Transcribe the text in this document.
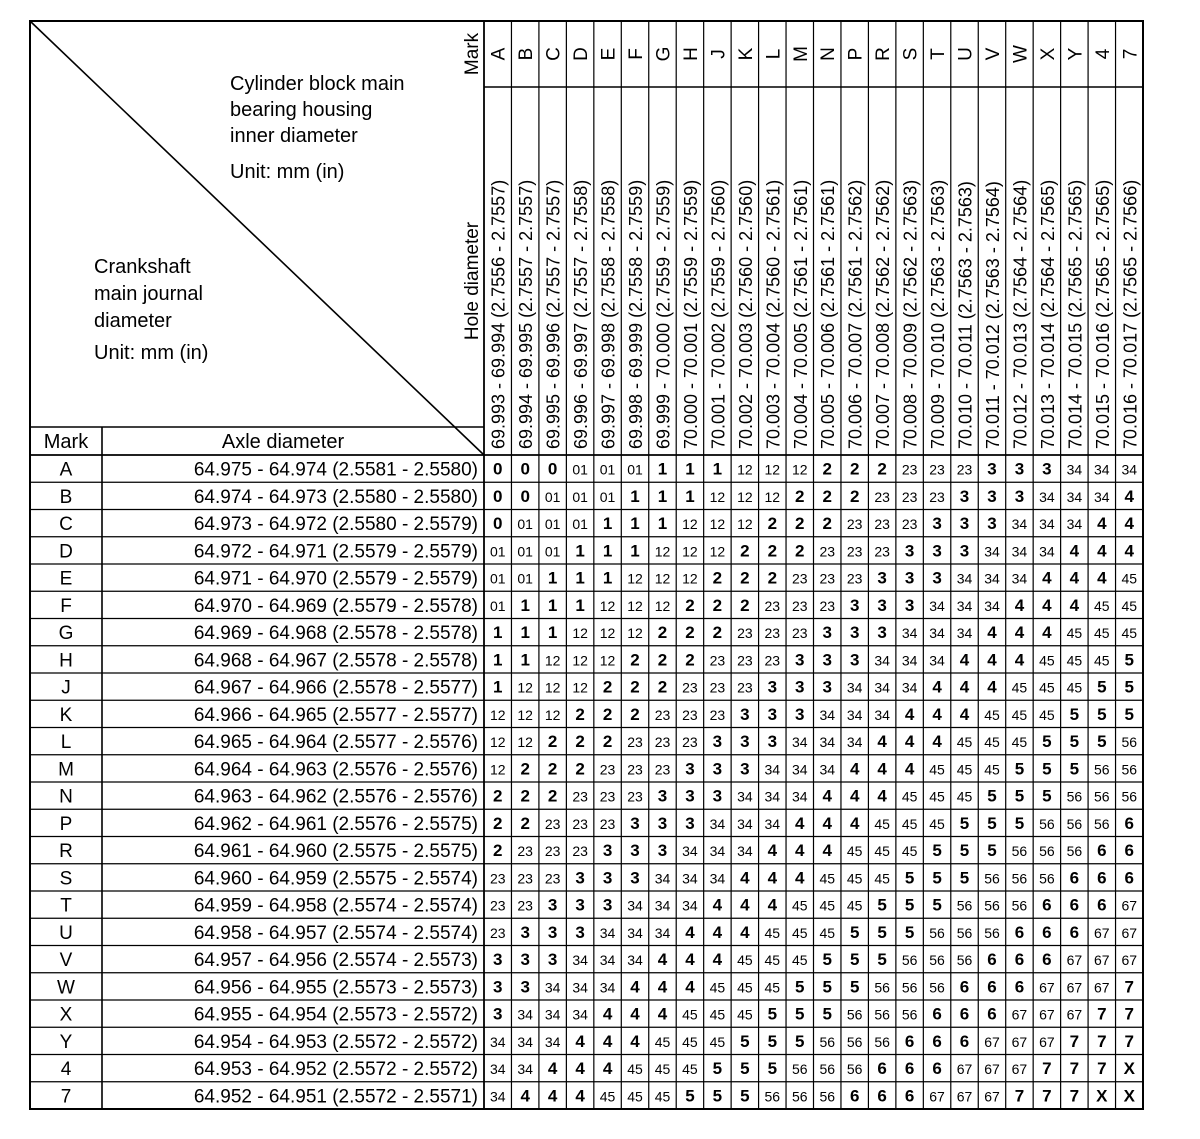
Cylinder block main
bearing housing
inner diameter
Unit: mm (in)
Crankshaft
main journal
diameter
Unit: mm (in)
Mark	Axle diameter
Mark
Hole diameter
A
69.993 - 69.994 (2.7556 - 2.7557)
B
69.994 - 69.995 (2.7557 - 2.7557)
C
69.995 - 69.996 (2.7557 - 2.7557)
D
69.996 - 69.997 (2.7557 - 2.7558)
E
69.997 - 69.998 (2.7558 - 2.7558)
F
69.998 - 69.999 (2.7558 - 2.7559)
G
69.999 - 70.000 (2.7559 - 2.7559)
H
70.000 - 70.001 (2.7559 - 2.7559)
J
70.001 - 70.002 (2.7559 - 2.7560)
K
70.002 - 70.003 (2.7560 - 2.7560)
L
70.003 - 70.004 (2.7560 - 2.7561)
M
70.004 - 70.005 (2.7561 - 2.7561)
N
70.005 - 70.006 (2.7561 - 2.7561)
P
70.006 - 70.007 (2.7561 - 2.7562)
R
70.007 - 70.008 (2.7562 - 2.7562)
S
70.008 - 70.009 (2.7562 - 2.7563)
T
70.009 - 70.010 (2.7563 - 2.7563)
U
70.010 - 70.011 (2.7563 - 2.7563)
V
70.011 - 70.012 (2.7563 - 2.7564)
W
70.012 - 70.013 (2.7564 - 2.7564)
X
70.013 - 70.014 (2.7564 - 2.7565)
Y
70.014 - 70.015 (2.7565 - 2.7565)
4
70.015 - 70.016 (2.7565 - 2.7565)
7
70.016 - 70.017 (2.7565 - 2.7566)
A	64.975 - 64.974 (2.5581 - 2.5580) 0 0 0 01 01 01 1 1 1 12 12 12 2 2 2 23 23 23 3 3 3 34 34 34
B	64.974 - 64.973 (2.5580 - 2.5580) 0 0 01 01 01 1 1 1 12 12 12 2 2 2 23 23 23 3 3 3 34 34 34 4
C	64.973 - 64.972 (2.5580 - 2.5579) 0 01 01 01 1 1 1 12 12 12 2 2 2 23 23 23 3 3 3 34 34 34 4 4
D	64.972 - 64.971 (2.5579 - 2.5579) 01 01 01 1 1 1 12 12 12 2 2 2 23 23 23 3 3 3 34 34 34 4 4 4
E	64.971 - 64.970 (2.5579 - 2.5579) 01 01 1 1 1 12 12 12 2 2 2 23 23 23 3 3 3 34 34 34 4 4 4 45
F	64.970 - 64.969 (2.5579 - 2.5578) 01 1 1 1 12 12 12 2 2 2 23 23 23 3 3 3 34 34 34 4 4 4 45 45
G	64.969 - 64.968 (2.5578 - 2.5578) 1 1 1 12 12 12 2 2 2 23 23 23 3 3 3 34 34 34 4 4 4 45 45 45
H	64.968 - 64.967 (2.5578 - 2.5578) 1 1 12 12 12 2 2 2 23 23 23 3 3 3 34 34 34 4 4 4 45 45 45 5
J	64.967 - 64.966 (2.5578 - 2.5577) 1 12 12 12 2 2 2 23 23 23 3 3 3 34 34 34 4 4 4 45 45 45 5 5
K	64.966 - 64.965 (2.5577 - 2.5577) 12 12 12 2 2 2 23 23 23 3 3 3 34 34 34 4 4 4 45 45 45 5 5 5
L	64.965 - 64.964 (2.5577 - 2.5576) 12 12 2 2 2 23 23 23 3 3 3 34 34 34 4 4 4 45 45 45 5 5 5 56
M	64.964 - 64.963 (2.5576 - 2.5576) 12 2 2 2 23 23 23 3 3 3 34 34 34 4 4 4 45 45 45 5 5 5 56 56
N	64.963 - 64.962 (2.5576 - 2.5576) 2 2 2 23 23 23 3 3 3 34 34 34 4 4 4 45 45 45 5 5 5 56 56 56
P	64.962 - 64.961 (2.5576 - 2.5575) 2 2 23 23 23 3 3 3 34 34 34 4 4 4 45 45 45 5 5 5 56 56 56 6
R	64.961 - 64.960 (2.5575 - 2.5575) 2 23 23 23 3 3 3 34 34 34 4 4 4 45 45 45 5 5 5 56 56 56 6 6
S	64.960 - 64.959 (2.5575 - 2.5574) 23 23 23 3 3 3 34 34 34 4 4 4 45 45 45 5 5 5 56 56 56 6 6 6
T	64.959 - 64.958 (2.5574 - 2.5574) 23 23 3 3 3 34 34 34 4 4 4 45 45 45 5 5 5 56 56 56 6 6 6 67
U	64.958 - 64.957 (2.5574 - 2.5574) 23 3 3 3 34 34 34 4 4 4 45 45 45 5 5 5 56 56 56 6 6 6 67 67
V	64.957 - 64.956 (2.5574 - 2.5573) 3 3 3 34 34 34 4 4 4 45 45 45 5 5 5 56 56 56 6 6 6 67 67 67
W	64.956 - 64.955 (2.5573 - 2.5573) 3 3 34 34 34 4 4 4 45 45 45 5 5 5 56 56 56 6 6 6 67 67 67 7
X	64.955 - 64.954 (2.5573 - 2.5572) 3 34 34 34 4 4 4 45 45 45 5 5 5 56 56 56 6 6 6 67 67 67 7 7
Y	64.954 - 64.953 (2.5572 - 2.5572) 34 34 34 4 4 4 45 45 45 5 5 5 56 56 56 6 6 6 67 67 67 7 7 7
4	64.953 - 64.952 (2.5572 - 2.5572) 34 34 4 4 4 45 45 45 5 5 5 56 56 56 6 6 6 67 67 67 7 7 7 X
7	64.952 - 64.951 (2.5572 - 2.5571) 34 4 4 4 45 45 45 5 5 5 56 56 56 6 6 6 67 67 67 7 7 7 X X
